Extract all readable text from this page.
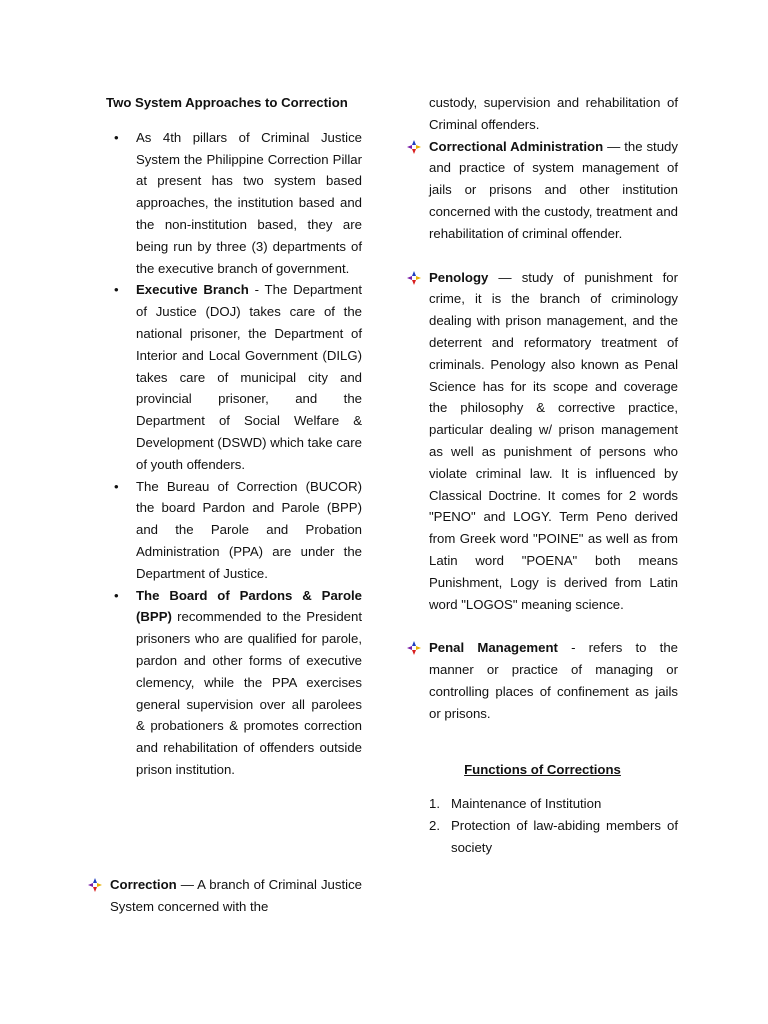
Two System Approaches to Correction
• As 4th pillars of Criminal Justice System the Philippine Correction Pillar at present has two system based approaches, the institution based and the non-institution based, they are being run by three (3) departments of the executive branch of government.
• Executive Branch - The Department of Justice (DOJ) takes care of the national prisoner, the Department of Interior and Local Government (DILG) takes care of municipal city and provincial prisoner, and the Department of Social Welfare & Development (DSWD) which take care of youth offenders.
• The Bureau of Correction (BUCOR) the board Pardon and Parole (BPP) and the Parole and Probation Administration (PPA) are under the Department of Justice.
• The Board of Pardons & Parole (BPP) recommended to the President prisoners who are qualified for parole, pardon and other forms of executive clemency, while the PPA exercises general supervision over all parolees & probationers & promotes correction and rehabilitation of offenders outside prison institution.
Correction — A branch of Criminal Justice System concerned with the
custody, supervision and rehabilitation of Criminal offenders.
Correctional Administration — the study and practice of system management of jails or prisons and other institution concerned with the custody, treatment and rehabilitation of criminal offender.
Penology — study of punishment for crime, it is the branch of criminology dealing with prison management, and the deterrent and reformatory treatment of criminals. Penology also known as Penal Science has for its scope and coverage the philosophy & corrective practice, particular dealing w/ prison management as well as punishment of persons who violate criminal law. It is influenced by Classical Doctrine. It comes for 2 words "PENO" and LOGY. Term Peno derived from Greek word "POINE" as well as from Latin word "POENA" both means Punishment, Logy is derived from Latin word "LOGOS" meaning science.
Penal Management - refers to the manner or practice of managing or controlling places of confinement as jails or prisons.

Functions of Corrections

1. Maintenance of Institution
2. Protection of law-abiding members of society
